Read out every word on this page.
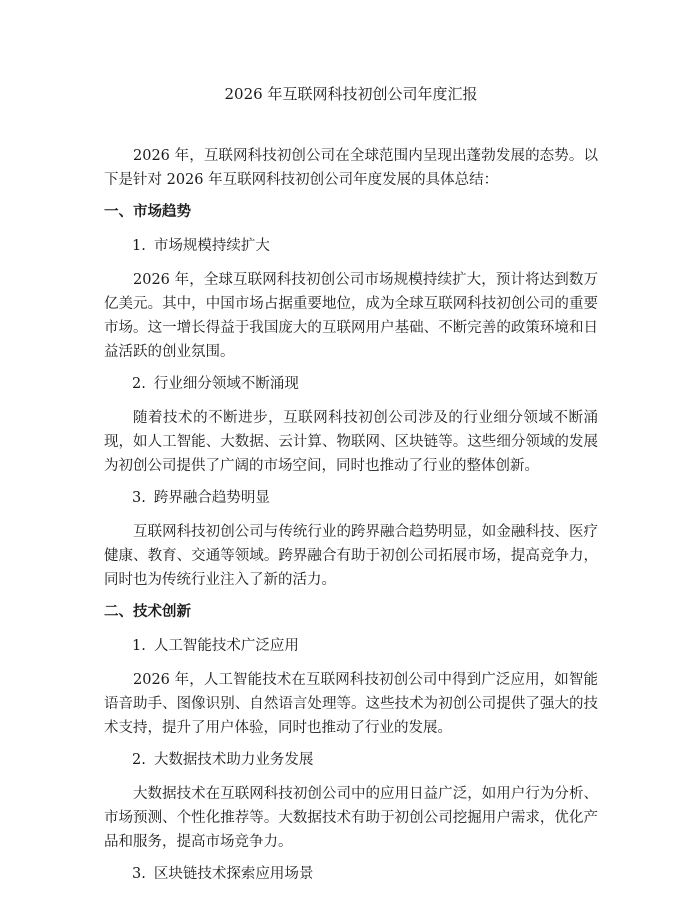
2026 年互联网科技初创公司年度汇报

2026 年，互联网科技初创公司在全球范围内呈现出蓬勃发展的态势。以下是针对 2026 年互联网科技初创公司年度发展的具体总结：

一、市场趋势
1. 市场规模持续扩大

2026 年，全球互联网科技初创公司市场规模持续扩大，预计将达到数万亿美元。其中，中国市场占据重要地位，成为全球互联网科技初创公司的重要市场。这一增长得益于我国庞大的互联网用户基础、不断完善的政策环境和日益活跃的创业氛围。

2. 行业细分领域不断涌现

随着技术的不断进步，互联网科技初创公司涉及的行业细分领域不断涌现，如人工智能、大数据、云计算、物联网、区块链等。这些细分领域的发展为初创公司提供了广阔的市场空间，同时也推动了行业的整体创新。

3. 跨界融合趋势明显

互联网科技初创公司与传统行业的跨界融合趋势明显，如金融科技、医疗健康、教育、交通等领域。跨界融合有助于初创公司拓展市场，提高竞争力，同时也为传统行业注入了新的活力。

二、技术创新
1. 人工智能技术广泛应用

2026 年，人工智能技术在互联网科技初创公司中得到广泛应用，如智能语音助手、图像识别、自然语言处理等。这些技术为初创公司提供了强大的技术支持，提升了用户体验，同时也推动了行业的发展。

2. 大数据技术助力业务发展

大数据技术在互联网科技初创公司中的应用日益广泛，如用户行为分析、市场预测、个性化推荐等。大数据技术有助于初创公司挖掘用户需求，优化产品和服务，提高市场竞争力。

3. 区块链技术探索应用场景
